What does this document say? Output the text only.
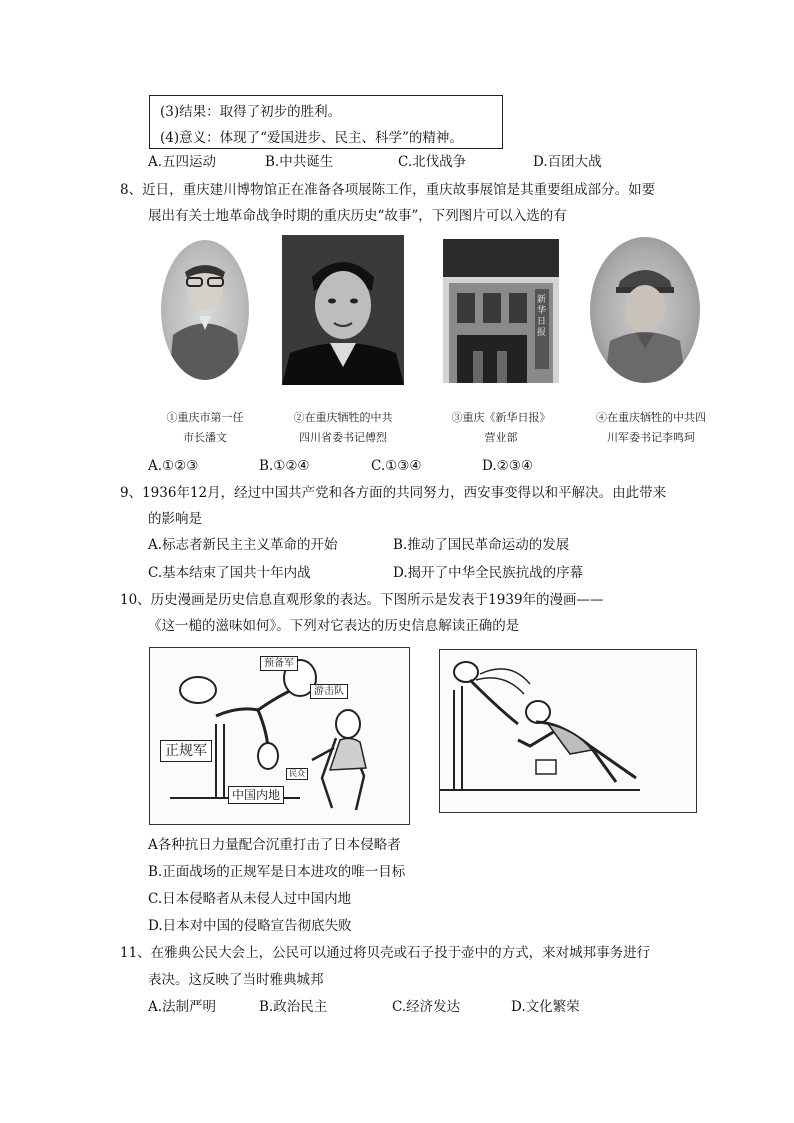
(3)结果：取得了初步的胜利。
(4)意义：体现了“爱国进步、民主、科学”的精神。
A.五四运动	B.中共诞生	C.北伐战争	D.百团大战
8、近日，重庆建川博物馆正在准备各项展陈工作，重庆故事展馆是其重要组成部分。如要
展出有关士地革命战争时期的重庆历史“故事”，下列图片可以入选的有
新华日报
①重庆市第一任
市长潘文
②在重庆牺牲的中共
四川省委书记傅烈
③重庆《新华日报》
营业部
④在重庆牺牲的中共四
川军委书记李鸣珂
A.①②③	B.①②④	C.①③④	D.②③④
9、1936年12月，经过中国共产党和各方面的共同努力，西安事变得以和平解决。由此带来
的影响是
A.标志者新民主主义革命的开始	B.推动了国民革命运动的发展
C.基本结束了国共十年内战	D.揭开了中华全民族抗战的序幕
10、历史漫画是历史信息直观形象的表达。下图所示是发表于1939年的漫画——
《这一槌的滋味如何》。下列对它表达的历史信息解读正确的是
预备军
游击队
正规军
中国内地
民众
A各种抗日力量配合沉重打击了日本侵略者
B.正面战场的正规军是日本进攻的唯一目标
C.日本侵略者从未侵人过中国内地
D.日本对中国的侵略宣告彻底失败
11、在雅典公民大会上，公民可以通过将贝壳或石子投于壶中的方式，来对城邦事务进行
表决。这反映了当时雅典城邦
A.法制严明	B.政治民主	C.经济发达	D.文化繁荣
